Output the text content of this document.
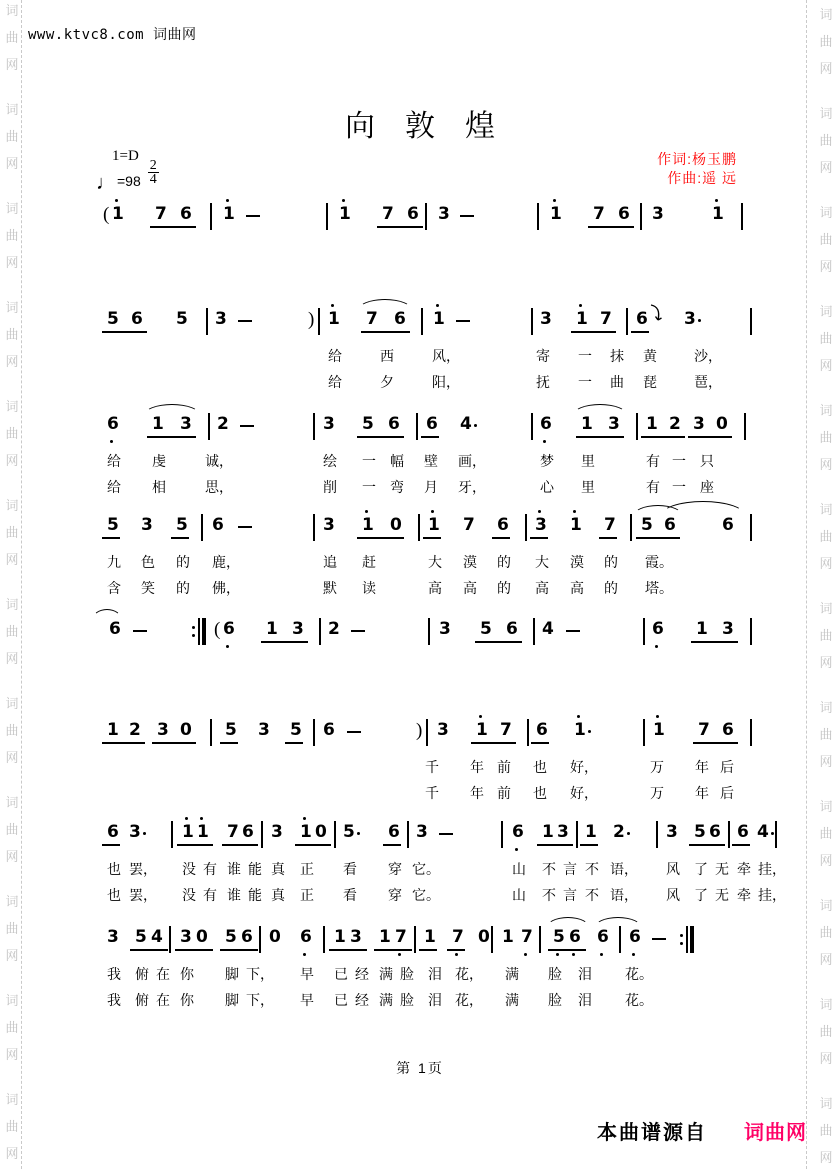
词
曲
网
词
曲
网
词
曲
网
词
曲
网
词
曲
网
词
曲
网
词
曲
网
词
曲
网
词
曲
网
词
曲
网
词
曲
网
词
曲
网
词
曲
网
词
曲
网
词
曲
网
词
曲
网
词
曲
网
词
曲
网
词
曲
网
词
曲
网
词
曲
网
词
曲
网
词
曲
网
词
曲
网
www.ktvc8.com 词曲网
向敦煌
作词:杨玉鹏
作曲:遥 远
1=D
$\frac{2}{4}$
♩=98
( 1 7 6 1	1 7 6 3	1 7 6 3	1
5 6 5 3	) 1 7 6 1	3 1 7 6 3
给	西	风，	寄 一 抹 黄	沙，
给	夕	阳，	抚 一 曲 琵	琶，
6 1 3 2	3 5 6 6 4	6 1 3 1 2 3 0
给 虔	诚，	绘 一 幅 壁 画，	梦 里	有 一 只
给 相	思，	削 一 弯 月 牙，	心 里	有 一 座
5 3 5 6	3 1 0 1 7 6 3 1 7 5 6	6
九 色 的 鹿，	追 赶	大 漠 的 大 漠 的 霞。
含 笑 的 佛，	默 读	高 高 的 高 高 的 塔。
6	( 6 1 3 2	3 5 6 4	6 1 3
1 2 3 0 5 3 5 6	) 3 1 7 6 1	1 7 6
千 年 前 也 好，	万 年 后
千 年 前 也 好，	万 年 后
6 3 1 1 7 6 3 1 0 5 6 3	6 1 3 1 2 3 5 6 6 4
也 罢， 没 有 谁 能 真 正 看 穿 它。	山 不 言 不 语， 风 了 无 牵 挂，
也 罢， 没 有 谁 能 真 正 看 穿 它。	山 不 言 不 语， 风 了 无 牵 挂，
3 5 4 3 0 5 6 0 6 1 3 1 7 1 7 0 1 7 5 6 6 6
我 俯 在 你 脚 下， 早 已 经 满 脸 泪 花， 满 脸 泪 花。
我 俯 在 你 脚 下， 早 已 经 满 脸 泪 花， 满 脸 泪 花。
第 1页
本曲谱源自 词曲网
